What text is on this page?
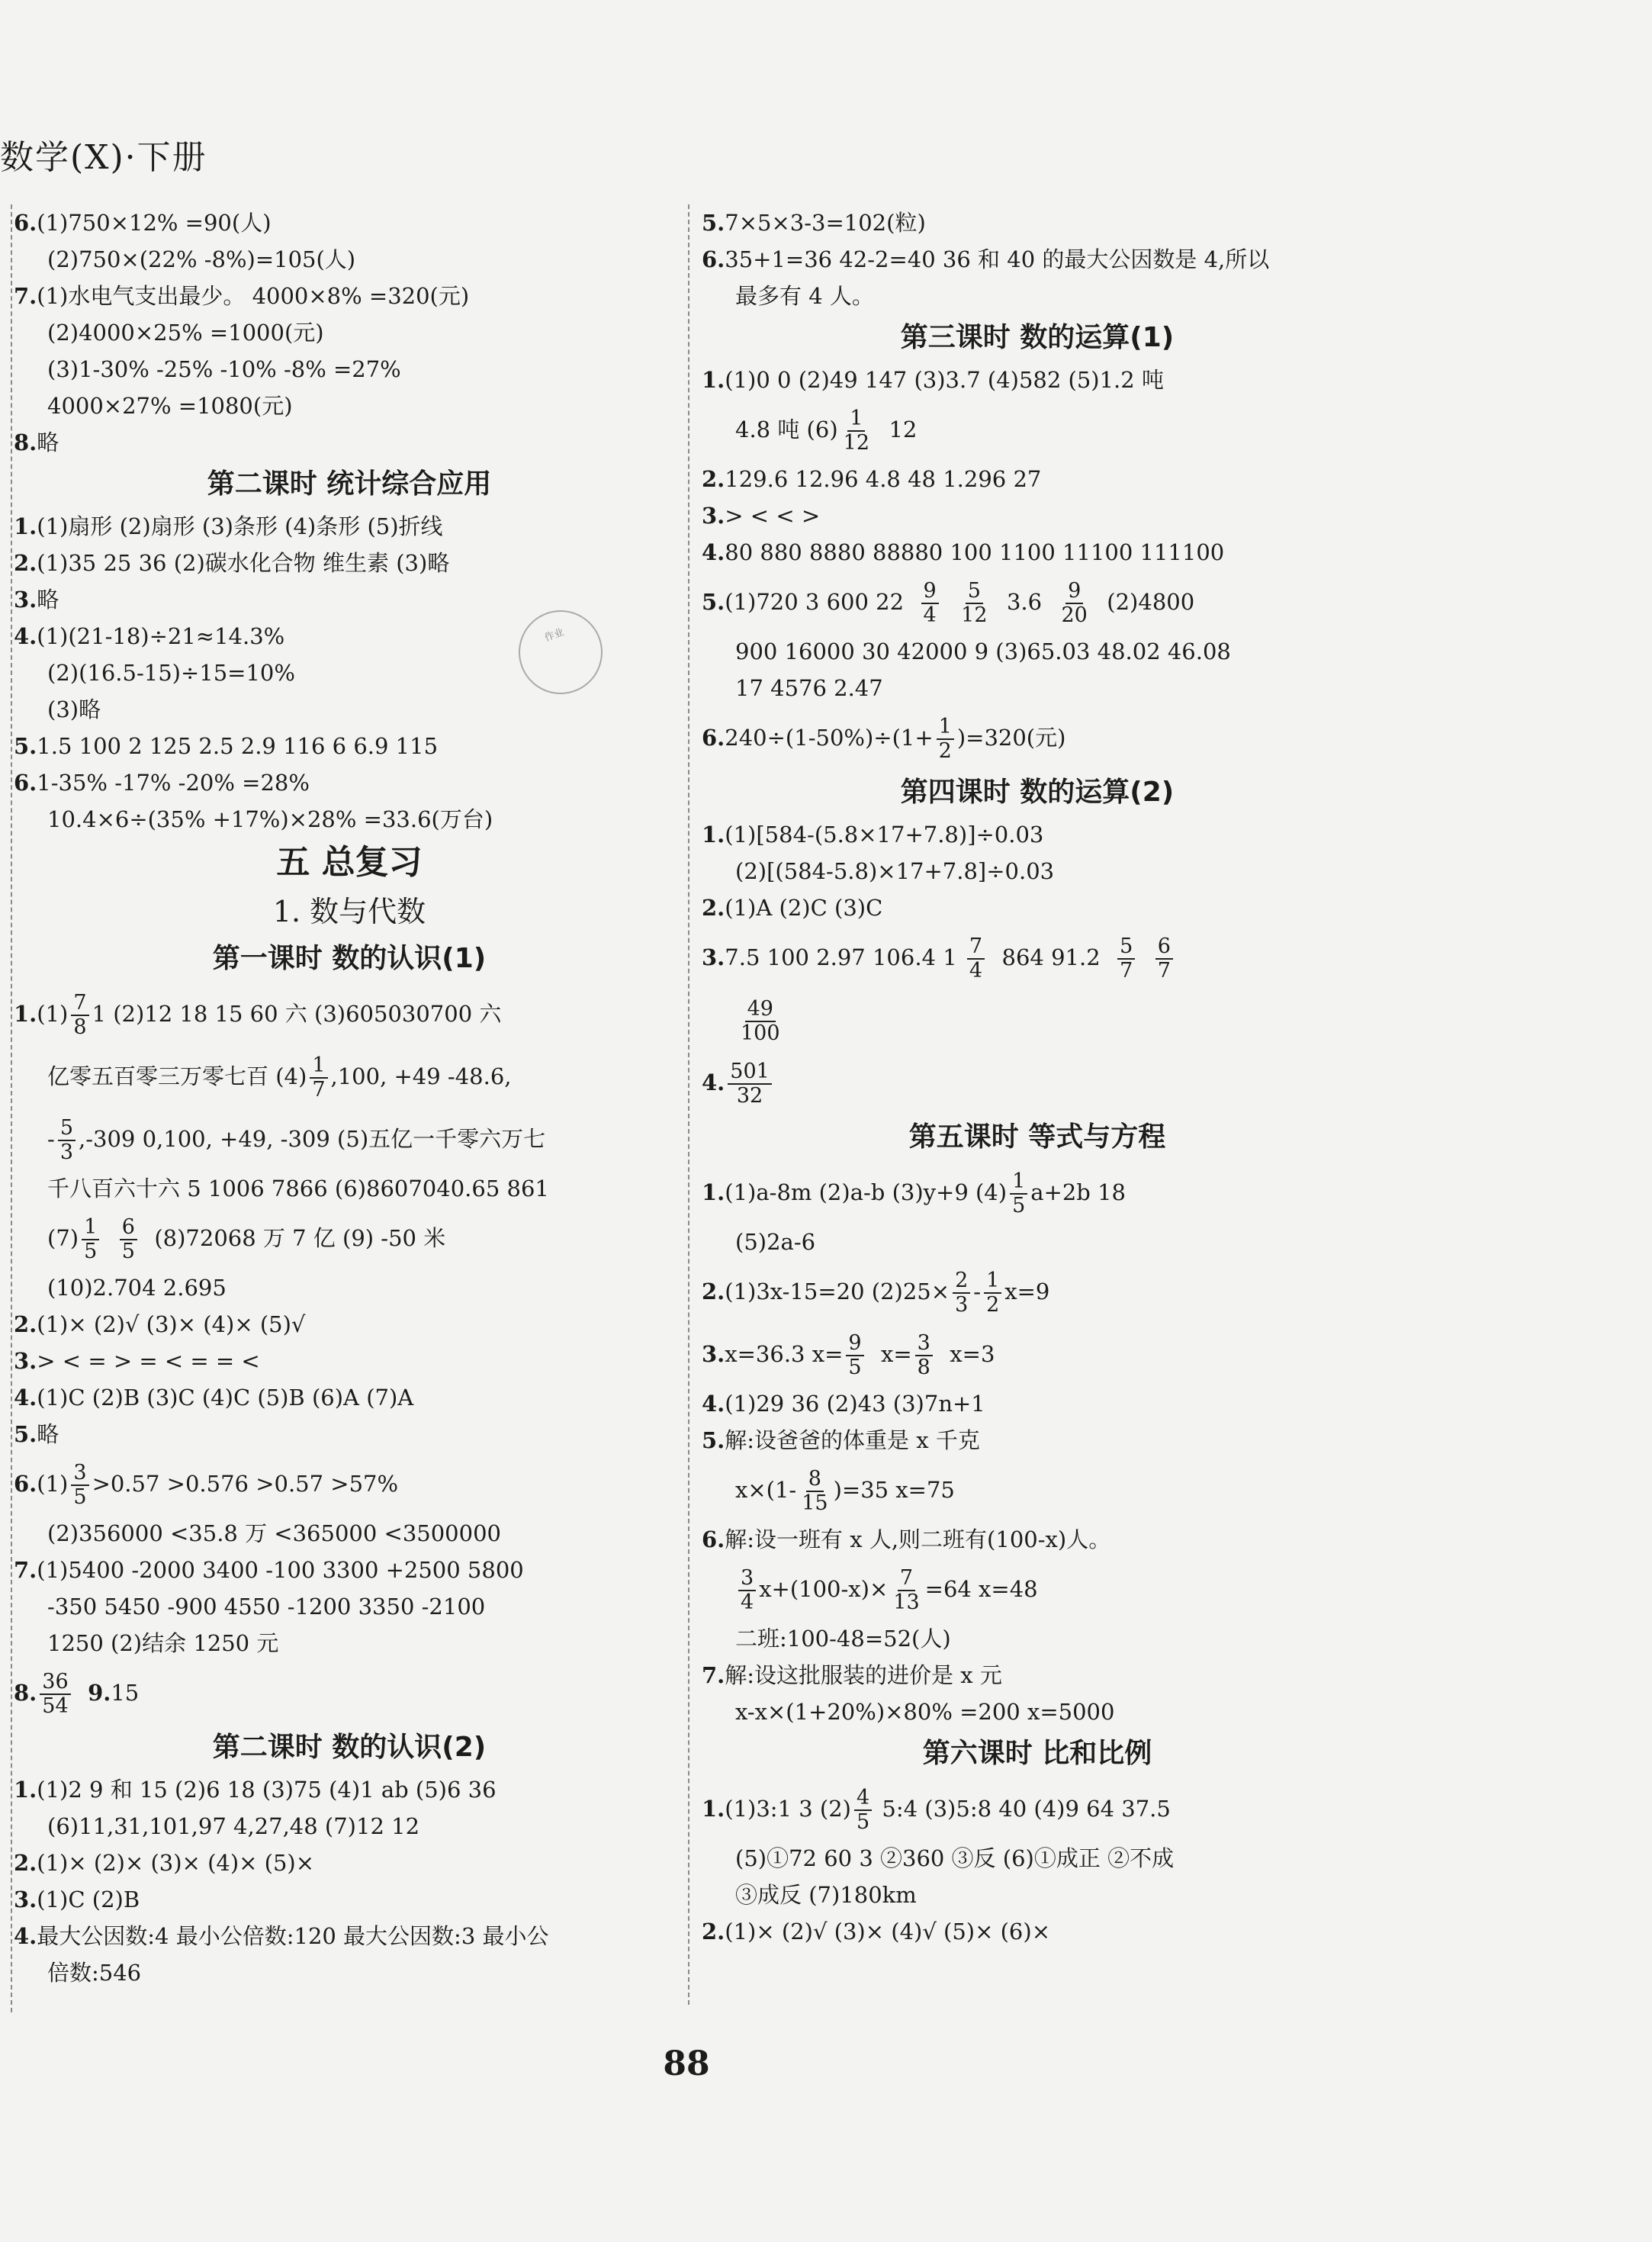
数学(X)·下册
作业
6.(1)750×12% =90(人)
(2)750×(22% -8%)=105(人)
7.(1)水电气支出最少。 4000×8% =320(元)
(2)4000×25% =1000(元)
(3)1-30% -25% -10% -8% =27%
4000×27% =1080(元)
8.略
第二课时 统计综合应用
1.(1)扇形 (2)扇形 (3)条形 (4)条形 (5)折线
2.(1)35 25 36 (2)碳水化合物 维生素 (3)略
3.略
4.(1)(21-18)÷21≈14.3%
(2)(16.5-15)÷15=10%
(3)略
5.1.5 100 2 125 2.5 2.9 116 6 6.9 115
6.1-35% -17% -20% =28%
10.4×6÷(35% +17%)×28% =33.6(万台)
五 总复习
1. 数与代数
第一课时 数的认识(1)
$1.(1) \frac{7}{8} 1$ (2)12 18 15 60 六 (3)605030700 六
亿零五百零三万零七百 $(4) \frac{1}{7} ,100$, +49 -48.6,
- $\frac{5}{3} ,-309$ 0,100, +49, -309 (5)五亿一千零六万七
千八百六十六 5 1006 7866 (6)8607040.65 861
$(7) \frac{1}{5}$
$\frac{6}{5} (8)72068$ 万 7 亿 (9) -50 米
(10)2.704 2.695
2.(1)× (2)√ (3)× (4)× (5)√
3.> < = > = < = = <
4.(1)C (2)B (3)C (4)C (5)B (6)A (7)A
5.略
$6.(1) \frac{3}{5} >0.57 >0.576 >0.57 >57\%$
(2)356000 <35.8 万 <365000 <3500000
7.(1)5400 -2000 3400 -100 3300 +2500 5800
-350 5450 -900 4550 -1200 3350 -2100
1250 (2)结余 1250 元
8. $\frac{36}{54} 9.15$
第二课时 数的认识(2)
1.(1)2 9 和 15 (2)6 18 (3)75 (4)1 ab (5)6 36
(6)11,31,101,97 4,27,48 (7)12 12
2.(1)× (2)× (3)× (4)× (5)×
3.(1)C (2)B
4.最大公因数:4 最小公倍数:120 最大公因数:3 最小公
倍数:546
5.7×5×3-3=102(粒)
6.35+1=36 42-2=40 36 和 40 的最大公因数是 4,所以
最多有 4 人。
第三课时 数的运算(1)
1.(1)0 0 (2)49 147 (3)3.7 (4)582 (5)1.2 吨
4.8 吨 $(6) \frac{1}{12} 12$
2.129.6 12.96 4.8 48 1.296 27
3.> < < >
4.80 880 8880 88880 100 1100 11100 111100
5.(1)720 3 600 $22 \frac{9}{4}$
$\frac{5}{12} 3.6 \frac{9}{20} (2)4800$
900 16000 30 42000 9 (3)65.03 48.02 46.08
17 4576 2.47
$6.240\div(1-50\%)\div(1+ \frac{1}{2} )=320$(元)
第四课时 数的运算(2)
1.(1)[584-(5.8×17+7.8)]÷0.03
(2)[(584-5.8)×17+7.8]÷0.03
2.(1)A (2)C (3)C
3.7.5 100 2.97 106.4 $1 \frac{7}{4} 864$ $91.2 \frac{5}{7}$
$\frac{6}{7}$
$\frac{49}{100}$
4. $\frac{501}{32}$
第五课时 等式与方程
1.(1)a-8m (2)a-b (3)y+9 $(4) \frac{1}{5} a+2b$ 18
(5)2a-6
2.(1)3x-15=20 $(2)25\times \frac{2}{3} - \frac{1}{2} x=9$
3.x=36.3 $x= \frac{9}{5} x= \frac{3}{8} x=3$
4.(1)29 36 (2)43 (3)7n+1
5.解:设爸爸的体重是 x 千克
$x\times(1- \frac{8}{15} )=35$ x=75
6.解:设一班有 x 人,则二班有(100-x)人。
$\frac{3}{4} x+(100-x)\times \frac{7}{13} =64$ x=48
二班:100-48=52(人)
7.解:设这批服装的进价是 x 元
x-x×(1+20%)×80% =200 x=5000
第六课时 比和比例
1.(1)3:1 3 $(2) \frac{4}{5}$ 5:4 (3)5:8 40 (4)9 64 37.5
(5)①72 60 3 ②360 ③反 (6)①成正 ②不成
③成反 (7)180km
2.(1)× (2)√ (3)× (4)√ (5)× (6)×
88
